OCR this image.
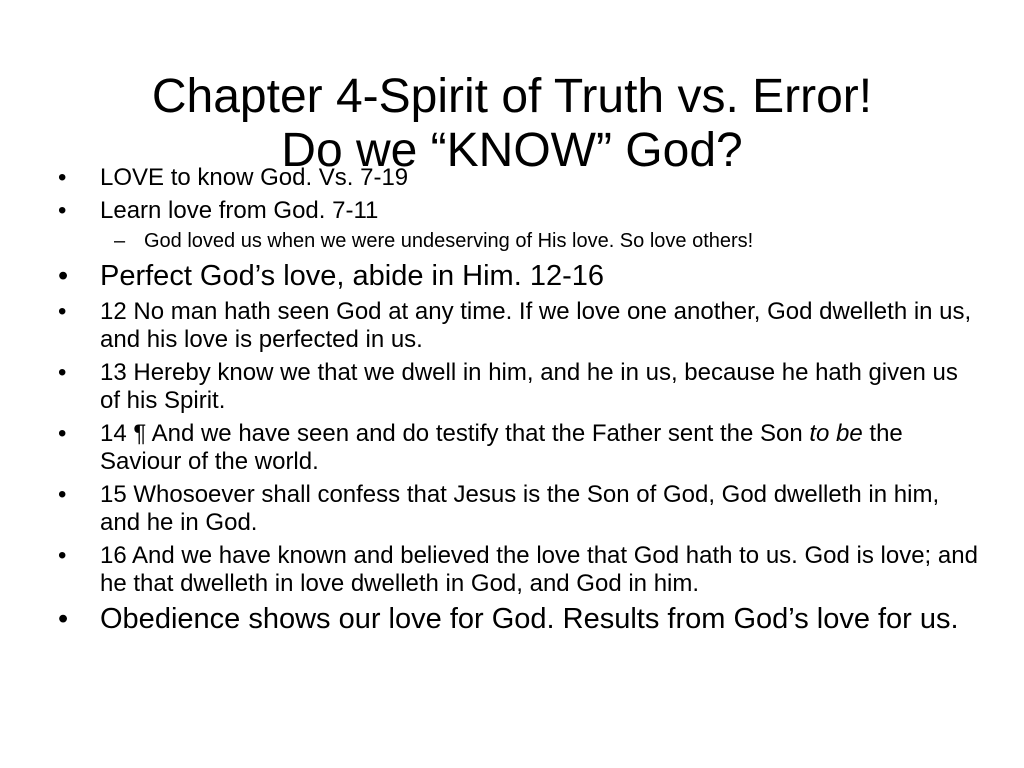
Chapter 4-Spirit of Truth vs. Error!
Do we “KNOW” God?
• LOVE to know God. Vs. 7-19
• Learn love from God. 7-11
– God loved us when we were undeserving of His love. So love others!
• Perfect God’s love, abide in Him. 12-16
• 12 No man hath seen God at any time. If we love one another, God dwelleth in us, and his love is perfected in us.
• 13 Hereby know we that we dwell in him, and he in us, because he hath given us of his Spirit.
• 14 ¶ And we have seen and do testify that the Father sent the Son to be the Saviour of the world.
• 15 Whosoever shall confess that Jesus is the Son of God, God dwelleth in him, and he in God.
• 16 And we have known and believed the love that God hath to us. God is love; and he that dwelleth in love dwelleth in God, and God in him.
• Obedience shows our love for God. Results from God’s love for us.
